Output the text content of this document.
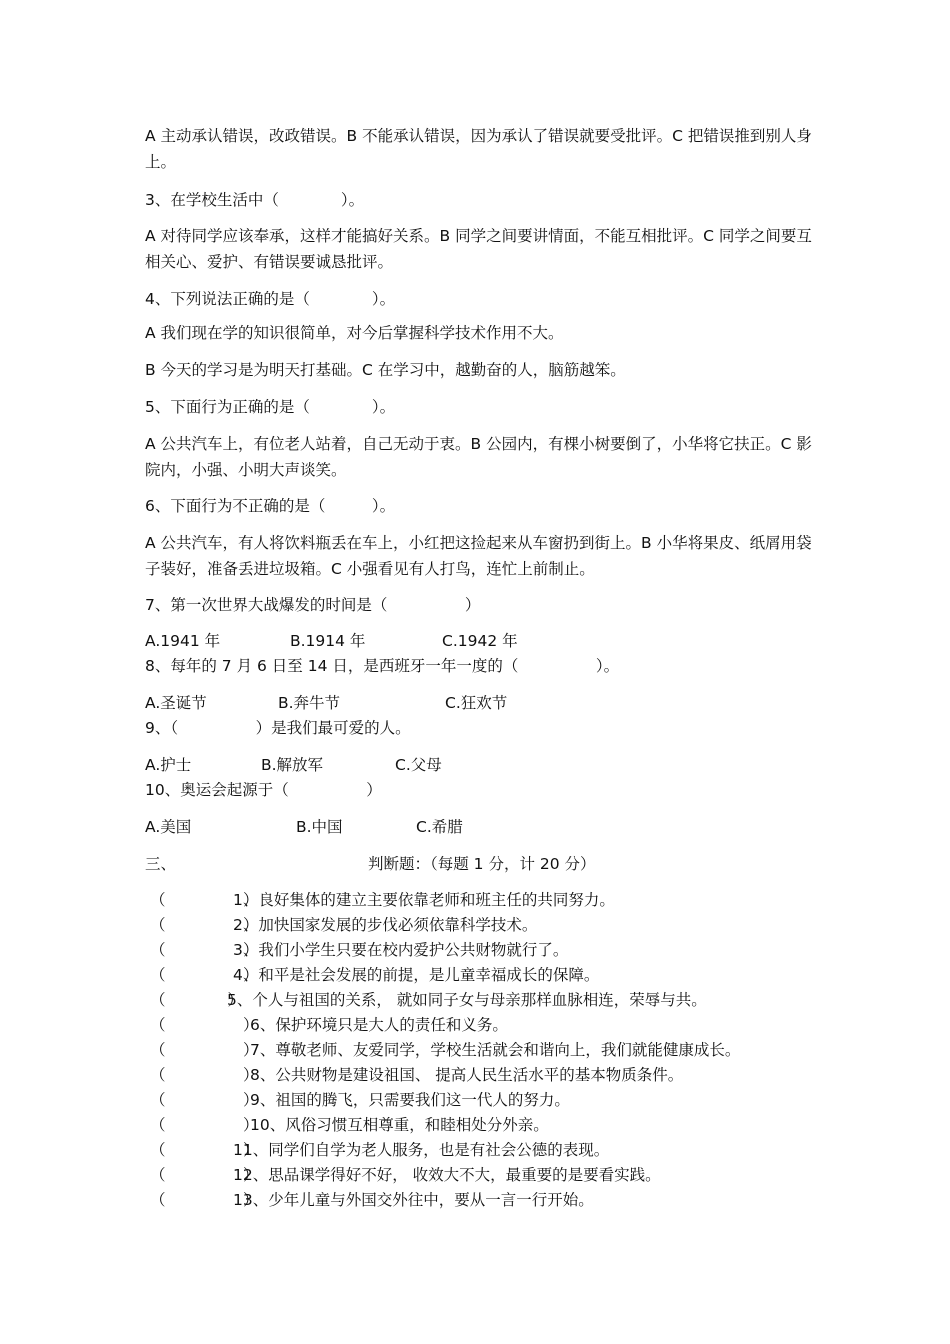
A 主动承认错误，改政错误。B 不能承认错误，因为承认了错误就要受批评。C 把错误推到别人身上。

3、在学校生活中（　　　　）。

A 对待同学应该奉承，这样才能搞好关系。B 同学之间要讲情面，不能互相批评。C 同学之间要互相关心、爱护、有错误要诚恳批评。

4、下列说法正确的是（　　　　）。
A 我们现在学的知识很简单，对今后掌握科学技术作用不大。
B 今天的学习是为明天打基础。C 在学习中，越勤奋的人，脑筋越笨。
5、下面行为正确的是（　　　　）。

A 公共汽车上，有位老人站着，自己无动于衷。B 公园内，有棵小树要倒了，小华将它扶正。C 影院内，小强、小明大声谈笑。

6、下面行为不正确的是（　　　）。

A 公共汽车，有人将饮料瓶丢在车上，小红把这捡起来从车窗扔到街上。B 小华将果皮、纸屑用袋子装好，准备丢进垃圾箱。C 小强看见有人打鸟，连忙上前制止。

7、第一次世界大战爆发的时间是（　　　　　）
A.1941 年	B.1914 年	C.1942 年
8、每年的 7 月 6 日至 14 日，是西班牙一年一度的（　　　　　）。
A.圣诞节	B.奔牛节	C.狂欢节
9、（　　　　　）是我们最可爱的人。
A.护士	B.解放军	C.父母
10、奥运会起源于（　　　　　）
A.美国	B.中国	C.希腊
三、	判断题：（每题 1 分，计 20 分）
（　　　　　）
1、良好集体的建立主要依靠老师和班主任的共同努力。
（　　　　　）
2、加快国家发展的步伐必须依靠科学技术。
（　　　　　）
3、我们小学生只要在校内爱护公共财物就行了。
（　　　　　）
4、和平是社会发展的前提，是儿童幸福成长的保障。
（　　　　）
5、个人与祖国的关系， 就如同子女与母亲那样血脉相连，荣辱与共。
（　　　　　）
6、保护环境只是大人的责任和义务。
（　　　　　）
7、尊敬老师、友爱同学，学校生活就会和谐向上，我们就能健康成长。
（　　　　　）
8、公共财物是建设祖国、 提高人民生活水平的基本物质条件。
（　　　　　）
9、祖国的腾飞，只需要我们这一代人的努力。
（　　　　　）
10、风俗习惯互相尊重，和睦相处分外亲。
（　　　　　）
11、同学们自学为老人服务，也是有社会公德的表现。
（　　　　　）
12、思品课学得好不好， 收效大不大，最重要的是要看实践。
（　　　　　）
13、少年儿童与外国交外往中，要从一言一行开始。
